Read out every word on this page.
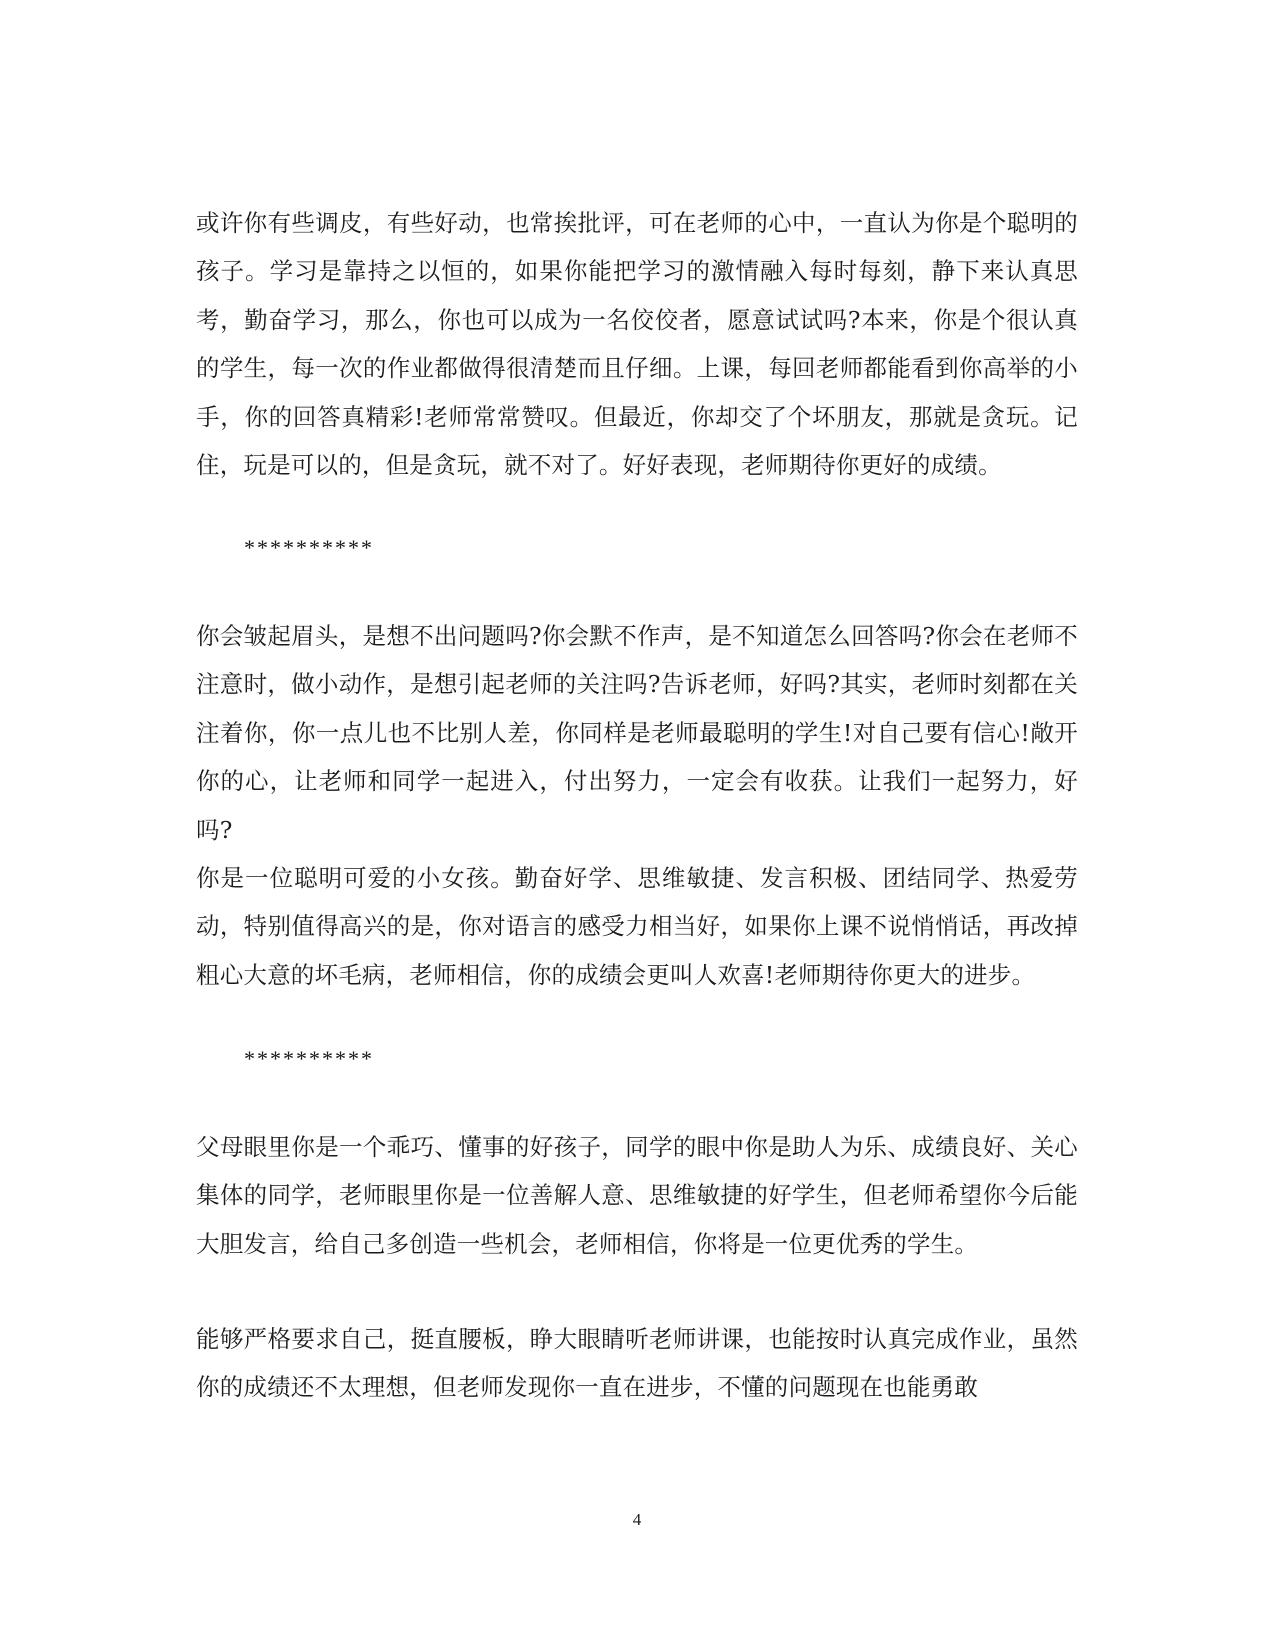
或许你有些调皮，有些好动，也常挨批评，可在老师的心中，一直认为你是个聪明的孩子。学习是靠持之以恒的，如果你能把学习的激情融入每时每刻，静下来认真思考，勤奋学习，那么，你也可以成为一名佼佼者，愿意试试吗?本来，你是个很认真的学生，每一次的作业都做得很清楚而且仔细。上课，每回老师都能看到你高举的小手，你的回答真精彩!老师常常赞叹。但最近，你却交了个坏朋友，那就是贪玩。记住，玩是可以的，但是贪玩，就不对了。好好表现，老师期待你更好的成绩。

**********

你会皱起眉头，是想不出问题吗?你会默不作声，是不知道怎么回答吗?你会在老师不注意时，做小动作，是想引起老师的关注吗?告诉老师，好吗?其实，老师时刻都在关注着你，你一点儿也不比别人差，你同样是老师最聪明的学生!对自己要有信心!敞开你的心，让老师和同学一起进入，付出努力，一定会有收获。让我们一起努力，好吗?

你是一位聪明可爱的小女孩。勤奋好学、思维敏捷、发言积极、团结同学、热爱劳动，特别值得高兴的是，你对语言的感受力相当好，如果你上课不说悄悄话，再改掉粗心大意的坏毛病，老师相信，你的成绩会更叫人欢喜!老师期待你更大的进步。

**********

父母眼里你是一个乖巧、懂事的好孩子，同学的眼中你是助人为乐、成绩良好、关心集体的同学，老师眼里你是一位善解人意、思维敏捷的好学生，但老师希望你今后能大胆发言，给自己多创造一些机会，老师相信，你将是一位更优秀的学生。

能够严格要求自己，挺直腰板，睁大眼睛听老师讲课，也能按时认真完成作业，虽然你的成绩还不太理想，但老师发现你一直在进步，不懂的问题现在也能勇敢

4
